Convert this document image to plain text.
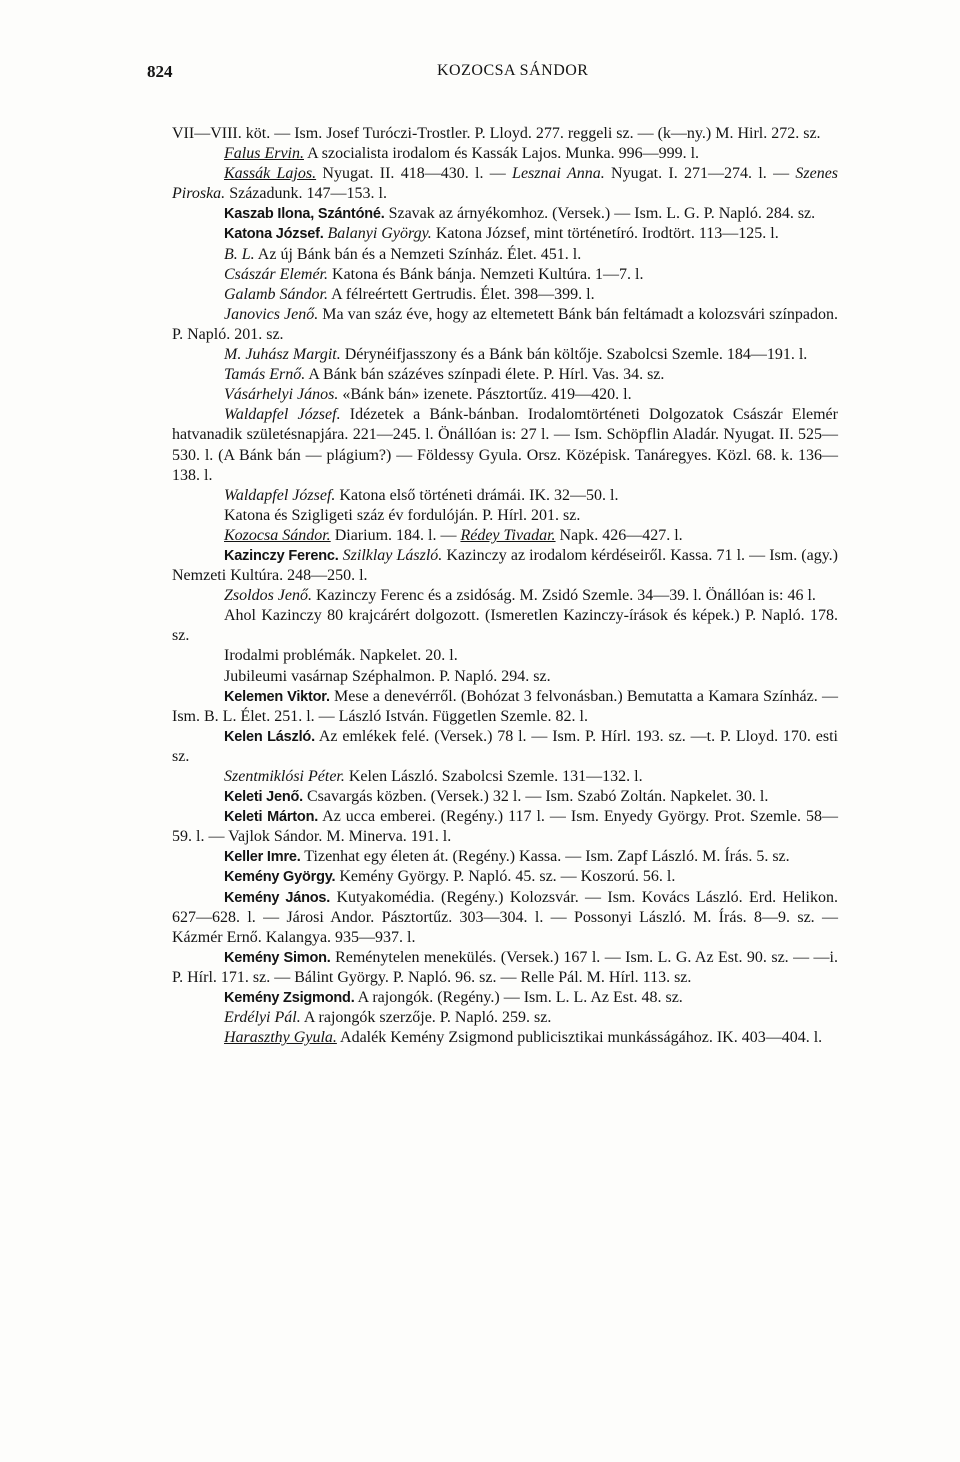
824	KOZOCSA SÁNDOR

VII—VIII. köt. — Ism. Josef Turóczi-Trostler. P. Lloyd. 277. reggeli sz. — (k—ny.) M. Hirl. 272. sz.

Falus Ervin. A szocialista irodalom és Kassák Lajos. Munka. 996—999. l.

Kassák Lajos. Nyugat. II. 418—430. l. — Lesznai Anna. Nyugat. I. 271—274. l. — Szenes Piroska. Századunk. 147—153. l.

Kaszab Ilona, Szántóné. Szavak az árnyékomhoz. (Versek.) — Ism. L. G. P. Napló. 284. sz.

Katona József. Balanyi György. Katona József, mint történetíró. Irodtört. 113—125. l.

B. L. Az új Bánk bán és a Nemzeti Színház. Élet. 451. l.

Császár Elemér. Katona és Bánk bánja. Nemzeti Kultúra. 1—7. l.

Galamb Sándor. A félreértett Gertrudis. Élet. 398—399. l.

Janovics Jenő. Ma van száz éve, hogy az eltemetett Bánk bán feltámadt a kolozsvári színpadon. P. Napló. 201. sz.

M. Juhász Margit. Dérynéifjasszony és a Bánk bán költője. Szabolcsi Szemle. 184—191. l.

Tamás Ernő. A Bánk bán százéves színpadi élete. P. Hírl. Vas. 34. sz.

Vásárhelyi János. «Bánk bán» izenete. Pásztortűz. 419—420. l.

Waldapfel József. Idézetek a Bánk-bánban. Irodalomtörténeti Dolgozatok Császár Elemér hatvanadik születésnapjára. 221—245. l. Önállóan is: 27 l. — Ism. Schöpflin Aladár. Nyugat. II. 525—530. l. (A Bánk bán — plágium?) — Földessy Gyula. Orsz. Középisk. Tanáregyes. Közl. 68. k. 136—138. l.

Waldapfel József. Katona első történeti drámái. IK. 32—50. l.

Katona és Szigligeti száz év fordulóján. P. Hírl. 201. sz.

Kozocsa Sándor. Diarium. 184. l. — Rédey Tivadar. Napk. 426—427. l.

Kazinczy Ferenc. Szilklay László. Kazinczy az irodalom kérdéseiről. Kassa. 71 l. — Ism. (agy.) Nemzeti Kultúra. 248—250. l.

Zsoldos Jenő. Kazinczy Ferenc és a zsidóság. M. Zsidó Szemle. 34—39. l. Önállóan is: 46 l.

Ahol Kazinczy 80 krajcárért dolgozott. (Ismeretlen Kazinczy-írások és képek.) P. Napló. 178. sz.

Irodalmi problémák. Napkelet. 20. l.

Jubileumi vasárnap Széphalmon. P. Napló. 294. sz.

Kelemen Viktor. Mese a denevérről. (Bohózat 3 felvonásban.) Bemutatta a Kamara Színház. — Ism. B. L. Élet. 251. l. — László István. Független Szemle. 82. l.

Kelen László. Az emlékek felé. (Versek.) 78 l. — Ism. P. Hírl. 193. sz. —t. P. Lloyd. 170. esti sz.

Szentmiklósi Péter. Kelen László. Szabolcsi Szemle. 131—132. l.

Keleti Jenő. Csavargás közben. (Versek.) 32 l. — Ism. Szabó Zoltán. Napkelet. 30. l.

Keleti Márton. Az ucca emberei. (Regény.) 117 l. — Ism. Enyedy György. Prot. Szemle. 58—59. l. — Vajlok Sándor. M. Minerva. 191. l.

Keller Imre. Tizenhat egy életen át. (Regény.) Kassa. — Ism. Zapf László. M. Írás. 5. sz.

Kemény György. Kemény György. P. Napló. 45. sz. — Koszorú. 56. l.

Kemény János. Kutyakomédia. (Regény.) Kolozsvár. — Ism. Kovács László. Erd. Helikon. 627—628. l. — Járosi Andor. Pásztortűz. 303—304. l. — Possonyi László. M. Írás. 8—9. sz. — Kázmér Ernő. Kalangya. 935—937. l.

Kemény Simon. Reménytelen menekülés. (Versek.) 167 l. — Ism. L. G. Az Est. 90. sz. — —i. P. Hírl. 171. sz. — Bálint György. P. Napló. 96. sz. — Relle Pál. M. Hírl. 113. sz.

Kemény Zsigmond. A rajongók. (Regény.) — Ism. L. L. Az Est. 48. sz.

Erdélyi Pál. A rajongók szerzője. P. Napló. 259. sz.

Haraszthy Gyula. Adalék Kemény Zsigmond publicisztikai munkásságához. IK. 403—404. l.
